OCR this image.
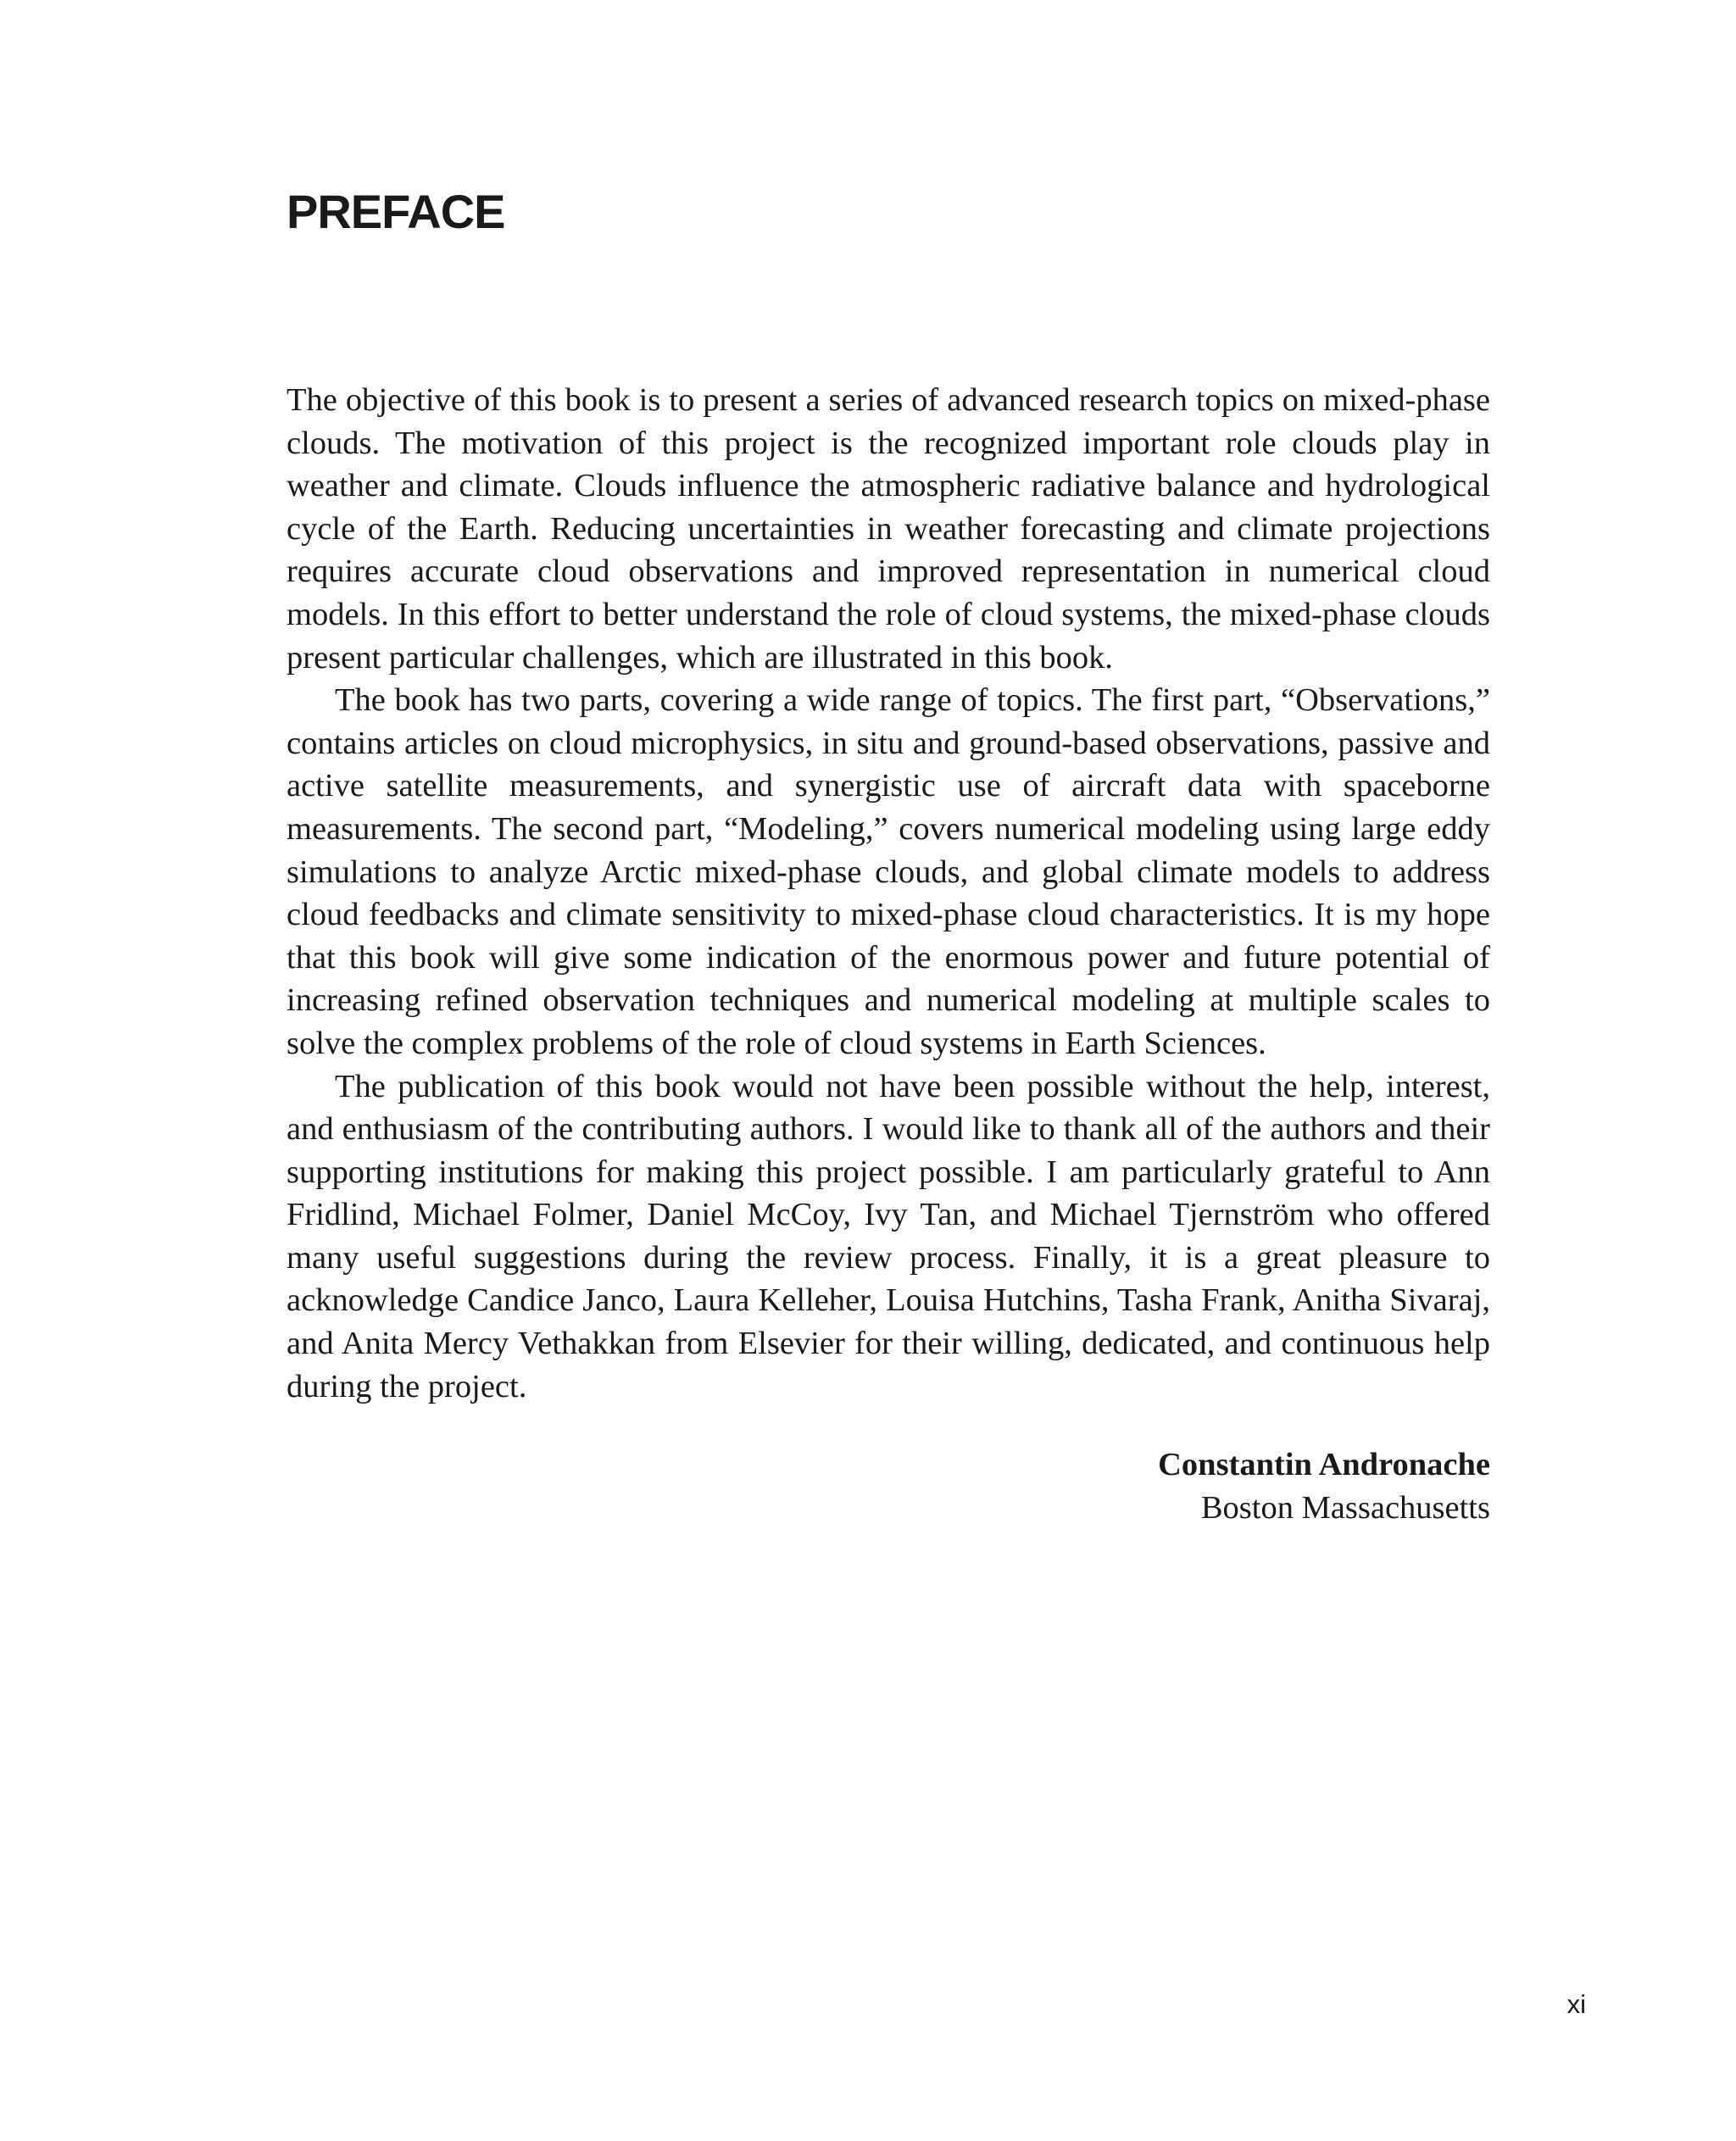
PREFACE

The objective of this book is to present a series of advanced research topics on mixed-phase clouds. The motivation of this project is the recognized important role clouds play in weather and climate. Clouds influence the atmospheric radiative balance and hydrological cycle of the Earth. Reducing uncertainties in weather forecasting and climate projections requires accurate cloud observations and improved representation in numerical cloud models. In this effort to better understand the role of cloud systems, the mixed-phase clouds present particular challenges, which are illustrated in this book.

The book has two parts, covering a wide range of topics. The first part, “Observations,” contains articles on cloud microphysics, in situ and ground-based observations, passive and active satellite measurements, and synergistic use of aircraft data with spaceborne measurements. The second part, “Modeling,” covers numerical modeling using large eddy simulations to analyze Arctic mixed-phase clouds, and global climate models to address cloud feedbacks and climate sensitivity to mixed-phase cloud characteristics. It is my hope that this book will give some indication of the enormous power and future potential of increasing refined observation techniques and numerical modeling at multiple scales to solve the complex problems of the role of cloud systems in Earth Sciences.

The publication of this book would not have been possible without the help, interest, and enthusiasm of the contributing authors. I would like to thank all of the authors and their supporting institutions for making this project possible. I am particularly grateful to Ann Fridlind, Michael Folmer, Daniel McCoy, Ivy Tan, and Michael Tjernström who offered many useful suggestions during the review process. Finally, it is a great pleasure to acknowledge Candice Janco, Laura Kelleher, Louisa Hutchins, Tasha Frank, Anitha Sivaraj, and Anita Mercy Vethakkan from Elsevier for their willing, dedicated, and continuous help during the project.

Constantin Andronache
Boston Massachusetts
xi
